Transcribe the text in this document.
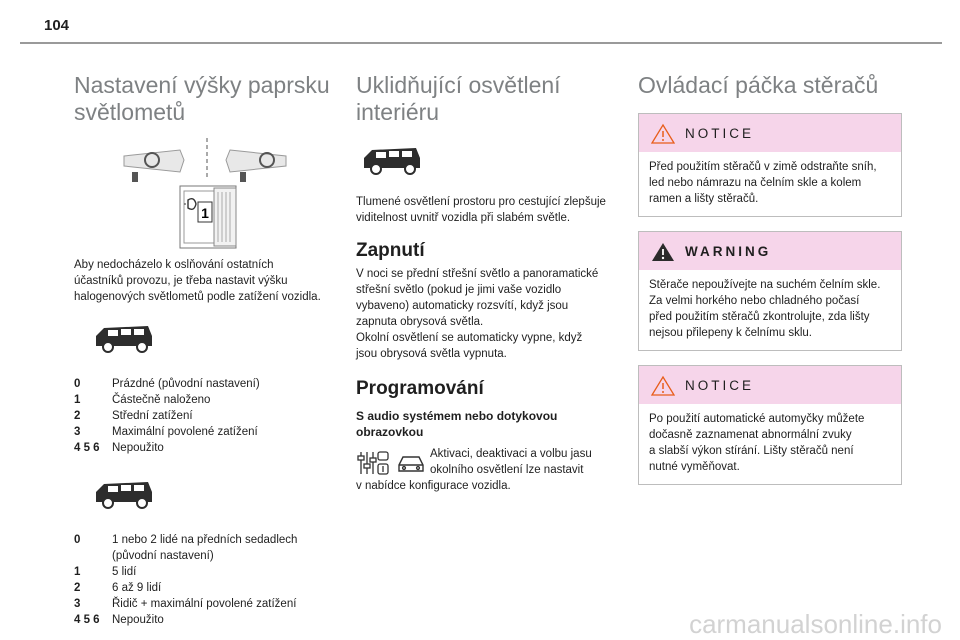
104
Nastavení výšky paprsku
světlometů
1

Aby nedocházelo k oslňování ostatních
účastníků provozu, je třeba nastavit výšku
halogenových světlometů podle zatížení vozidla.

0	Prázdné (původní nastavení)
1	Částečně naloženo
2	Střední zatížení
3	Maximální povolené zatížení
4 5 6	Nepoužito
0	1 nebo 2 lidé na předních sedadlech
(původní nastavení)
1	5 lidí
2	6 až 9 lidí
3	Řidič + maximální povolené zatížení
4 5 6	Nepoužito
Uklidňující osvětlení
interiéru

Tlumené osvětlení prostoru pro cestující zlepšuje
viditelnost uvnitř vozidla při slabém světle.

Zapnutí

V noci se přední střešní světlo a panoramatické
střešní světlo (pokud je jimi vaše vozidlo
vybaveno) automaticky rozsvítí, když jsou
zapnuta obrysová světla.
Okolní osvětlení se automaticky vypne, když
jsou obrysová světla vypnuta.

Programování

S audio systémem nebo dotykovou
obrazovkou

Aktivaci, deaktivaci a volbu jasu
okolního osvětlení lze nastavit
v nabídce konfigurace vozidla.
Ovládací páčka stěračů
NOTICE
Před použitím stěračů v zimě odstraňte sníh,
led nebo námrazu na čelním skle a kolem
ramen a lišty stěračů.
WARNING
Stěrače nepoužívejte na suchém čelním skle.
Za velmi horkého nebo chladného počasí
před použitím stěračů zkontrolujte, zda lišty
nejsou přilepeny k čelnímu sklu.
NOTICE
Po použití automatické automyčky můžete
dočasně zaznamenat abnormální zvuky
a slabší výkon stírání. Lišty stěračů není
nutné vyměňovat.
carmanualsonline.info
